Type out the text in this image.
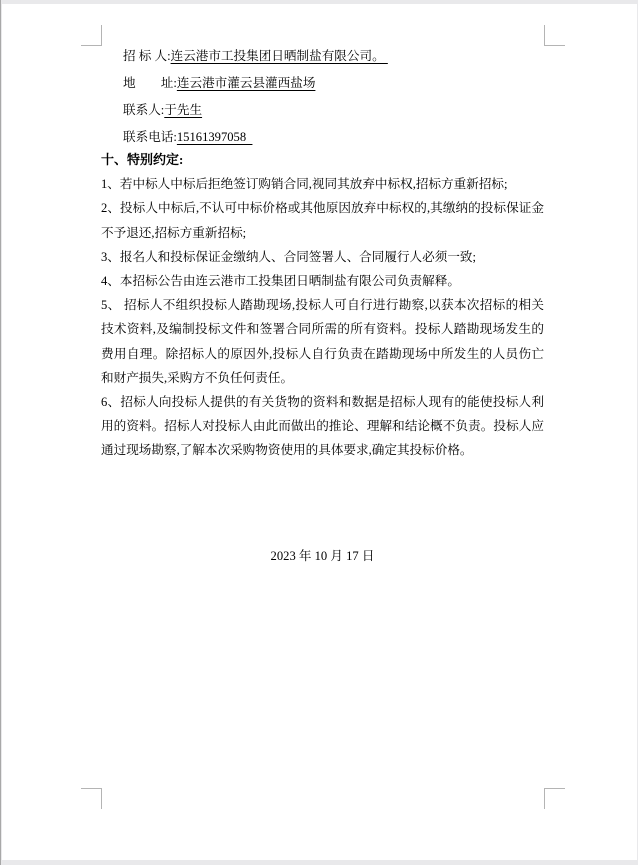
招 标 人:连云港市工投集团日晒制盐有限公司。
地　　址:连云港市灌云县灌西盐场
联系人:于先生
联系电话:15161397058
十、特别约定:

1、若中标人中标后拒绝签订购销合同,视同其放弃中标权,招标方重新招标;

2、投标人中标后,不认可中标价格或其他原因放弃中标权的,其缴纳的投标保证金不予退还,招标方重新招标;

3、报名人和投标保证金缴纳人、合同签署人、合同履行人必须一致;

4、本招标公告由连云港市工投集团日晒制盐有限公司负责解释。

5、 招标人不组织投标人踏勘现场,投标人可自行进行勘察,以获本次招标的相关技术资料,及编制投标文件和签署合同所需的所有资料。投标人踏勘现场发生的费用自理。除招标人的原因外,投标人自行负责在踏勘现场中所发生的人员伤亡和财产损失,采购方不负任何责任。

6、招标人向投标人提供的有关货物的资料和数据是招标人现有的能使投标人利用的资料。招标人对投标人由此而做出的推论、理解和结论概不负责。投标人应通过现场勘察,了解本次采购物资使用的具体要求,确定其投标价格。

2023 年 10 月 17 日
